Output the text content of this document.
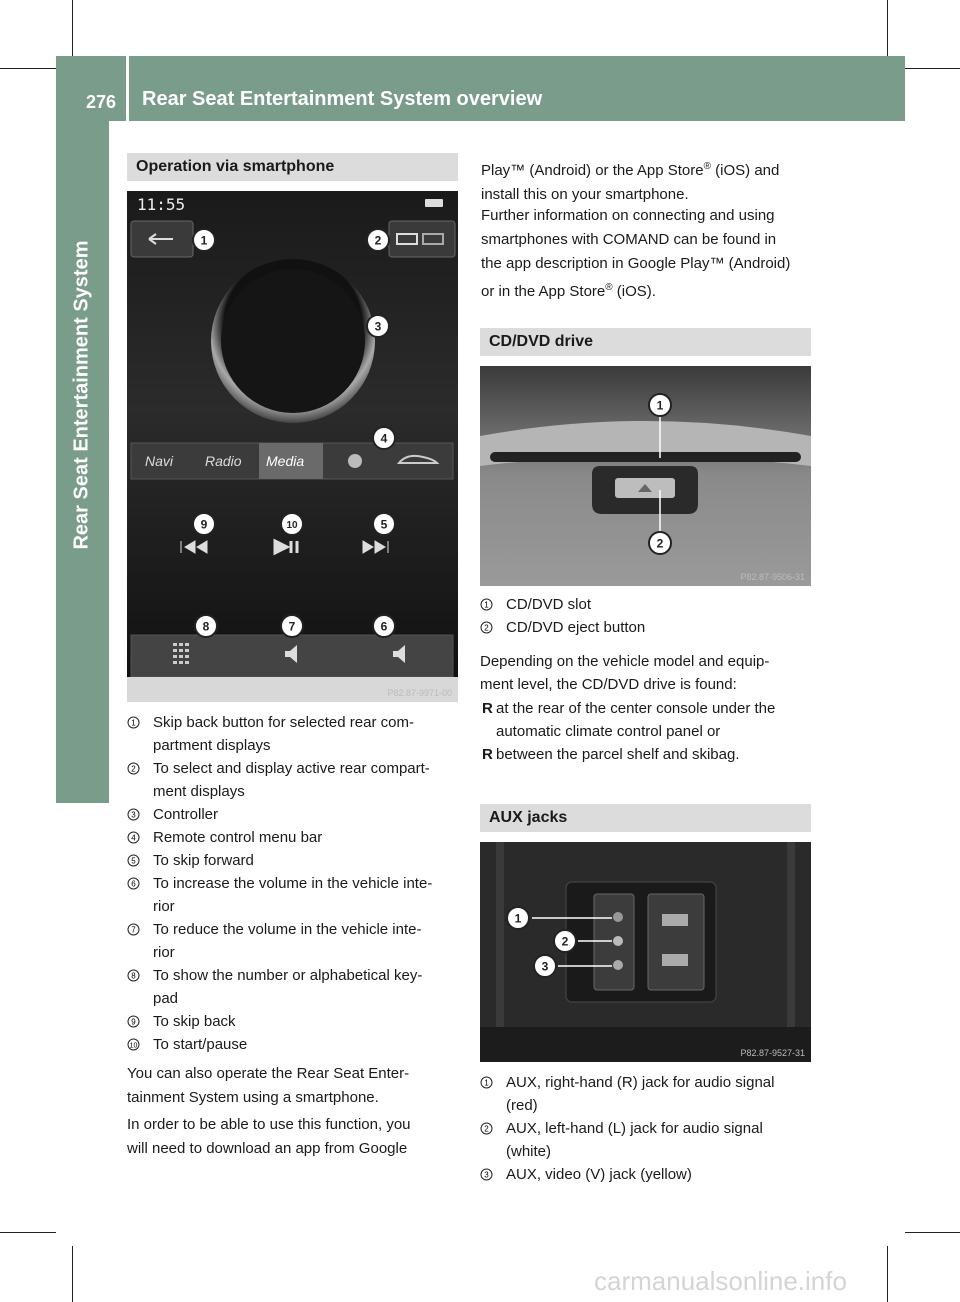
276 Rear Seat Entertainment System overview
Rear Seat Entertainment System
Operation via smartphone
11:55
Navi Radio Media
P82.87-9971-00
1	2
3
4
5
6
7
8
9	10
1 Skip back button for selected rear com-
partment displays
2 To select and display active rear compart-
ment displays
3 Controller
4 Remote control menu bar
5 To skip forward
6 To increase the volume in the vehicle inte-
rior
7 To reduce the volume in the vehicle inte-
rior
8 To show the number or alphabetical key-
pad
9 To skip back
10 To start/pause

You can also operate the Rear Seat Enter-
tainment System using a smartphone.

In order to be able to use this function, you
will need to download an app from Google

Play™ (Android) or the App Store® (iOS) and
install this on your smartphone.

Further information on connecting and using
smartphones with COMAND can be found in
the app description in Google Play™ (Android)
or in the App Store® (iOS).

CD/DVD drive
1
2
P82.87-9506-31
1 CD/DVD slot
2 CD/DVD eject button

Depending on the vehicle model and equip-
ment level, the CD/DVD drive is found:

R at the rear of the center console under the
automatic climate control panel or
R between the parcel shelf and skibag.
AUX jacks
1
2
3
P82.87-9527-31
1 AUX, right-hand (R) jack for audio signal
(red)
2 AUX, left-hand (L) jack for audio signal
(white)
3 AUX, video (V) jack (yellow)
carmanualsonline.info
